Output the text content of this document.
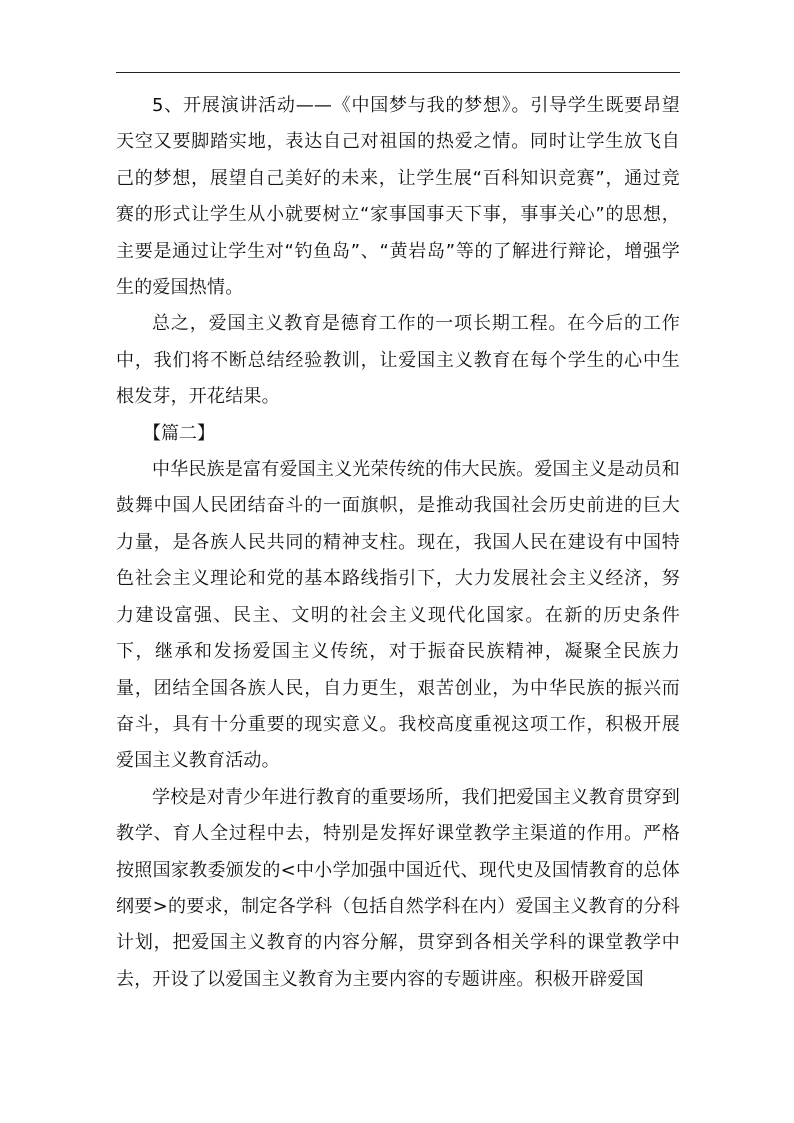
5、开展演讲活动——《中国梦与我的梦想》。引导学生既要昂望天空又要脚踏实地，表达自己对祖国的热爱之情。同时让学生放飞自己的梦想，展望自己美好的未来，让学生展“百科知识竞赛”，通过竞赛的形式让学生从小就要树立“家事国事天下事，事事关心”的思想，主要是通过让学生对“钓鱼岛”、“黄岩岛”等的了解进行辩论，增强学生的爱国热情。

总之，爱国主义教育是德育工作的一项长期工程。在今后的工作中，我们将不断总结经验教训，让爱国主义教育在每个学生的心中生根发芽，开花结果。

【篇二】

中华民族是富有爱国主义光荣传统的伟大民族。爱国主义是动员和鼓舞中国人民团结奋斗的一面旗帜，是推动我国社会历史前进的巨大力量，是各族人民共同的精神支柱。现在，我国人民在建设有中国特色社会主义理论和党的基本路线指引下，大力发展社会主义经济，努力建设富强、民主、文明的社会主义现代化国家。在新的历史条件下，继承和发扬爱国主义传统，对于振奋民族精神，凝聚全民族力量，团结全国各族人民，自力更生，艰苦创业，为中华民族的振兴而奋斗，具有十分重要的现实意义。我校高度重视这项工作，积极开展爱国主义教育活动。

学校是对青少年进行教育的重要场所，我们把爱国主义教育贯穿到教学、育人全过程中去，特别是发挥好课堂教学主渠道的作用。严格按照国家教委颁发的<中小学加强中国近代、现代史及国情教育的总体纲要>的要求，制定各学科（包括自然学科在内）爱国主义教育的分科计划，把爱国主义教育的内容分解，贯穿到各相关学科的课堂教学中去，开设了以爱国主义教育为主要内容的专题讲座。积极开辟爱国
